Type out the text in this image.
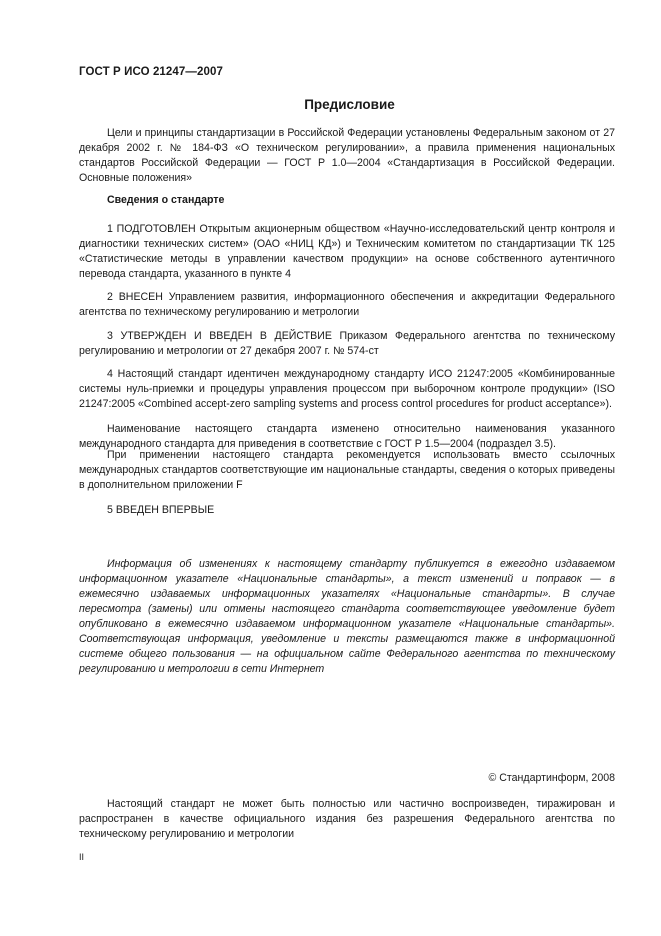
ГОСТ Р ИСО 21247—2007
Предисловие

Цели и принципы стандартизации в Российской Федерации установлены Федеральным законом от 27 декабря 2002 г. № 184-ФЗ «О техническом регулировании», а правила применения национальных стандартов Российской Федерации — ГОСТ Р 1.0—2004 «Стандартизация в Российской Федерации. Основные положения»

Сведения о стандарте

1 ПОДГОТОВЛЕН Открытым акционерным обществом «Научно-исследовательский центр контроля и диагностики технических систем» (ОАО «НИЦ КД») и Техническим комитетом по стандартизации ТК 125 «Статистические методы в управлении качеством продукции» на основе собственного аутентичного перевода стандарта, указанного в пункте 4

2 ВНЕСЕН Управлением развития, информационного обеспечения и аккредитации Федерального агентства по техническому регулированию и метрологии

3 УТВЕРЖДЕН И ВВЕДЕН В ДЕЙСТВИЕ Приказом Федерального агентства по техническому регулированию и метрологии от 27 декабря 2007 г. № 574-ст

4 Настоящий стандарт идентичен международному стандарту ИСО 21247:2005 «Комбинированные системы нуль-приемки и процедуры управления процессом при выборочном контроле продукции» (ISO 21247:2005 «Combined accept-zero sampling systems and process control procedures for product acceptance»).

Наименование настоящего стандарта изменено относительно наименования указанного международного стандарта для приведения в соответствие с ГОСТ Р 1.5—2004 (подраздел 3.5).

При применении настоящего стандарта рекомендуется использовать вместо ссылочных международных стандартов соответствующие им национальные стандарты, сведения о которых приведены в дополнительном приложении F

5 ВВЕДЕН ВПЕРВЫЕ

Информация об изменениях к настоящему стандарту публикуется в ежегодно издаваемом информационном указателе «Национальные стандарты», а текст изменений и поправок — в ежемесячно издаваемых информационных указателях «Национальные стандарты». В случае пересмотра (замены) или отмены настоящего стандарта соответствующее уведомление будет опубликовано в ежемесячно издаваемом информационном указателе «Национальные стандарты». Соответствующая информация, уведомление и тексты размещаются также в информационной системе общего пользования — на официальном сайте Федерального агентства по техническому регулированию и метрологии в сети Интернет

© Стандартинформ, 2008

Настоящий стандарт не может быть полностью или частично воспроизведен, тиражирован и распространен в качестве официального издания без разрешения Федерального агентства по техническому регулированию и метрологии

II
